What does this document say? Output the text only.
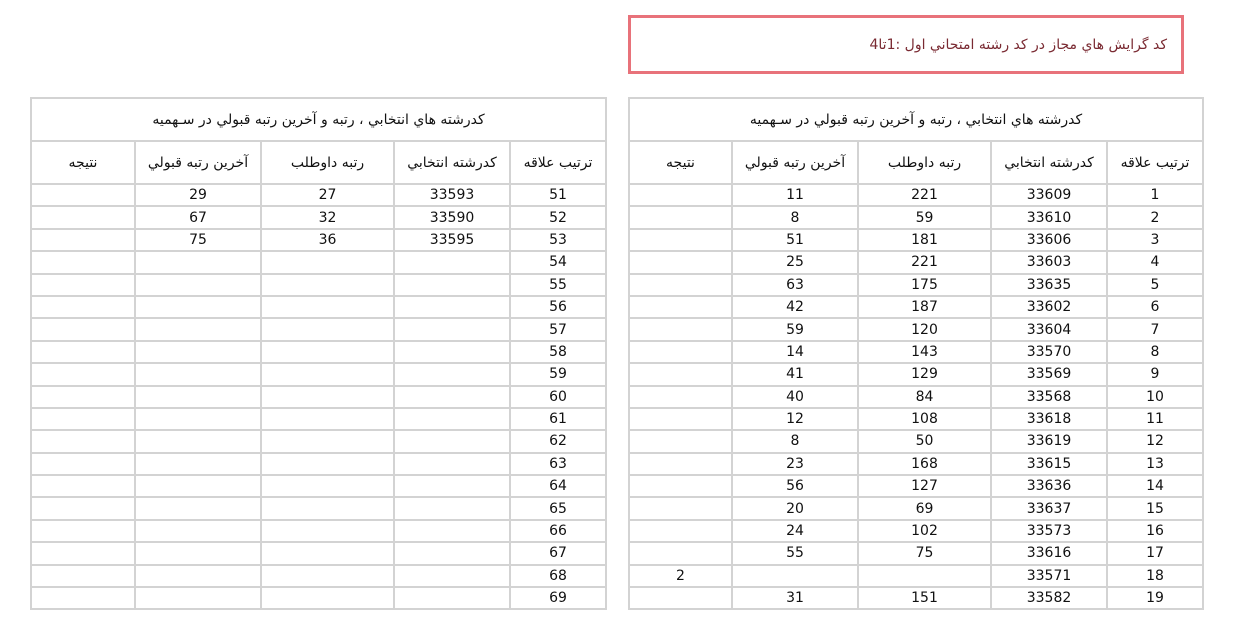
کد گرايش هاي مجاز در کد رشته امتحاني اول :1تا4
کدرشته هاي انتخابي ، رتبه و آخرين رتبه قبولي در سـهميه				
ترتيب علاقه	کدرشته انتخابي	رتبه داوطلب	آخرين رتبه قبولي	نتيجه
1	33609	221	11	
2	33610	59	8	
3	33606	181	51	
4	33603	221	25	
5	33635	175	63	
6	33602	187	42	
7	33604	120	59	
8	33570	143	14	
9	33569	129	41	
10	33568	84	40	
11	33618	108	12	
12	33619	50	8	
13	33615	168	23	
14	33636	127	56	
15	33637	69	20	
16	33573	102	24	
17	33616	75	55	
18	33571			2
19	33582	151	31	
کدرشته هاي انتخابي ، رتبه و آخرين رتبه قبولي در سـهميه				
ترتيب علاقه	کدرشته انتخابي	رتبه داوطلب	آخرين رتبه قبولي	نتيجه
51	33593	27	29	
52	33590	32	67	
53	33595	36	75	
54				
55				
56				
57				
58				
59				
60				
61				
62				
63				
64				
65				
66				
67				
68				
69				
